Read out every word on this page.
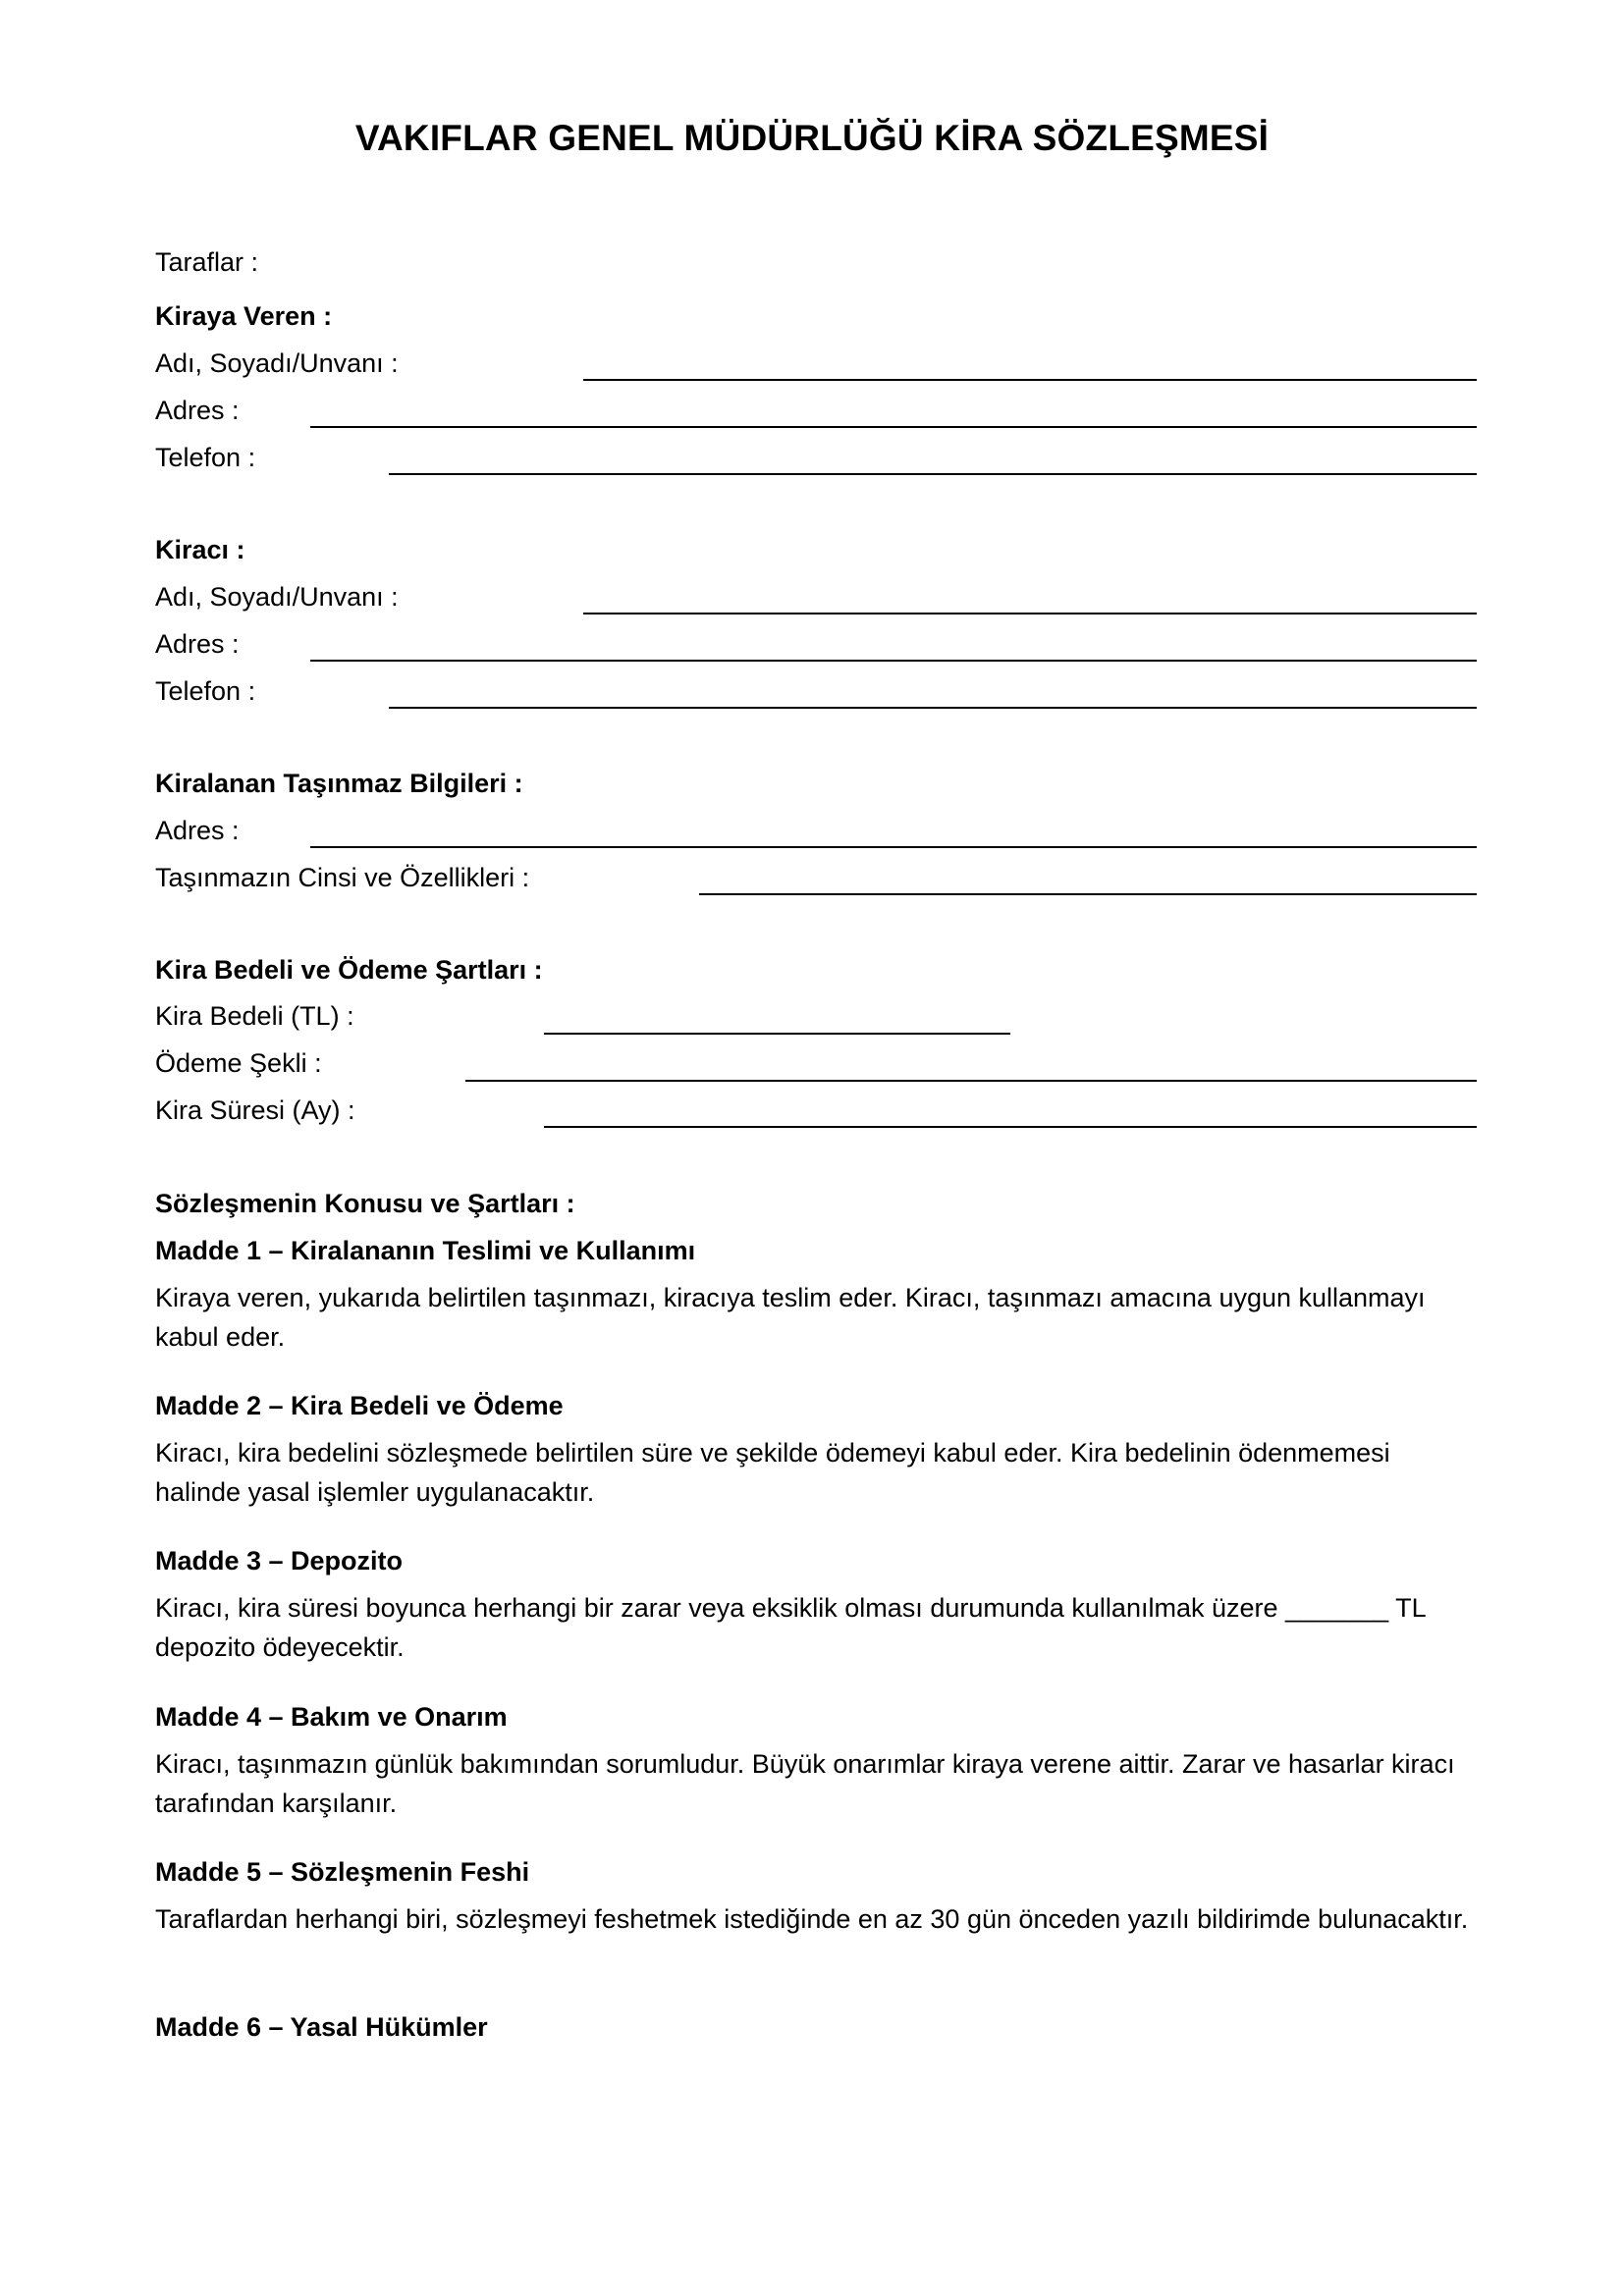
VAKIFLAR GENEL MÜDÜRLÜĞÜ KİRA SÖZLEŞMESİ
Taraflar :
Kiraya Veren :
Adı, Soyadı/Unvanı :
Adres :
Telefon :
Kiracı :
Adı, Soyadı/Unvanı :
Adres :
Telefon :
Kiralanan Taşınmaz Bilgileri :
Adres :
Taşınmazın Cinsi ve Özellikleri :
Kira Bedeli ve Ödeme Şartları :
Kira Bedeli (TL) :
Ödeme Şekli :
Kira Süresi (Ay) :
Sözleşmenin Konusu ve Şartları :
Madde 1 – Kiralananın Teslimi ve Kullanımı
Kiraya veren, yukarıda belirtilen taşınmazı, kiracıya teslim eder. Kiracı, taşınmazı amacına uygun kullanmayı kabul eder.
Madde 2 – Kira Bedeli ve Ödeme
Kiracı, kira bedelini sözleşmede belirtilen süre ve şekilde ödemeyi kabul eder. Kira bedelinin ödenmemesi halinde yasal işlemler uygulanacaktır.
Madde 3 – Depozito
Kiracı, kira süresi boyunca herhangi bir zarar veya eksiklik olması durumunda kullanılmak üzere _______ TL depozito ödeyecektir.
Madde 4 – Bakım ve Onarım
Kiracı, taşınmazın günlük bakımından sorumludur. Büyük onarımlar kiraya verene aittir. Zarar ve hasarlar kiracı tarafından karşılanır.
Madde 5 – Sözleşmenin Feshi
Taraflardan herhangi biri, sözleşmeyi feshetmek istediğinde en az 30 gün önceden yazılı bildirimde bulunacaktır.
Madde 6 – Yasal Hükümler
